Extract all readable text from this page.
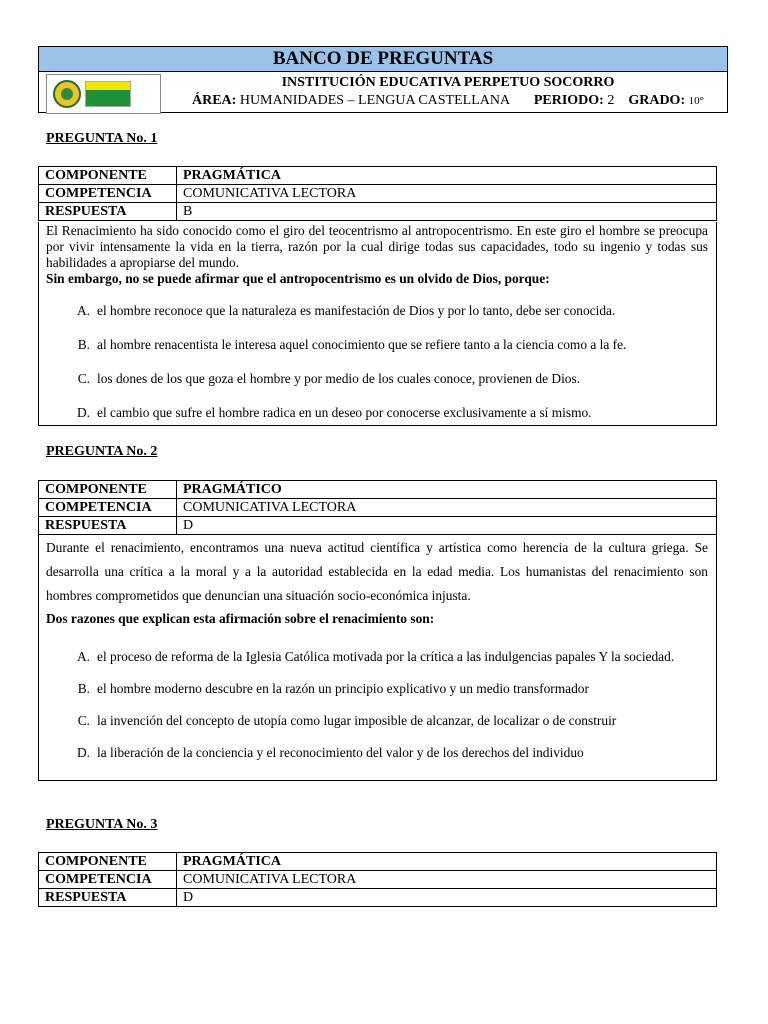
BANCO DE PREGUNTAS
INSTITUCIÓN EDUCATIVA PERPETUO SOCORRO
ÁREA: HUMANIDADES – LENGUA CASTELLANA PERIODO: 2 GRADO: 10°
PREGUNTA No. 1
COMPONENTE	PRAGMÁTICA
COMPETENCIA	COMUNICATIVA LECTORA
RESPUESTA	B

El Renacimiento ha sido conocido como el giro del teocentrismo al antropocentrismo. En este giro el hombre se preocupa por vivir intensamente la vida en la tierra, razón por la cual dirige todas sus capacidades, todo su ingenio y todas sus habilidades a apropiarse del mundo.

Sin embargo, no se puede afirmar que el antropocentrismo es un olvido de Dios, porque:

A. el hombre reconoce que la naturaleza es manifestación de Dios y por lo tanto, debe ser conocida.
B. al hombre renacentista le interesa aquel conocimiento que se refiere tanto a la ciencia como a la fe.
C. los dones de los que goza el hombre y por medio de los cuales conoce, provienen de Dios.
D. el cambio que sufre el hombre radica en un deseo por conocerse exclusivamente a sí mismo.
PREGUNTA No. 2
COMPONENTE	PRAGMÁTICO
COMPETENCIA	COMUNICATIVA LECTORA
RESPUESTA	D

Durante el renacimiento, encontramos una nueva actitud científica y artística como herencia de la cultura griega. Se desarrolla una crítica a la moral y a la autoridad establecida en la edad media. Los humanistas del renacimiento son hombres comprometidos que denuncian una situación socio-económica injusta.

Dos razones que explican esta afirmación sobre el renacimiento son:

A. el proceso de reforma de la Iglesia Católica motivada por la crítica a las indulgencias papales Y la sociedad.
B. el hombre moderno descubre en la razón un principio explicativo y un medio transformador
C. la invención del concepto de utopía como lugar imposible de alcanzar, de localizar o de construir
D. la liberación de la conciencia y el reconocimiento del valor y de los derechos del individuo
PREGUNTA No. 3
COMPONENTE	PRAGMÁTICA
COMPETENCIA	COMUNICATIVA LECTORA
RESPUESTA	D
